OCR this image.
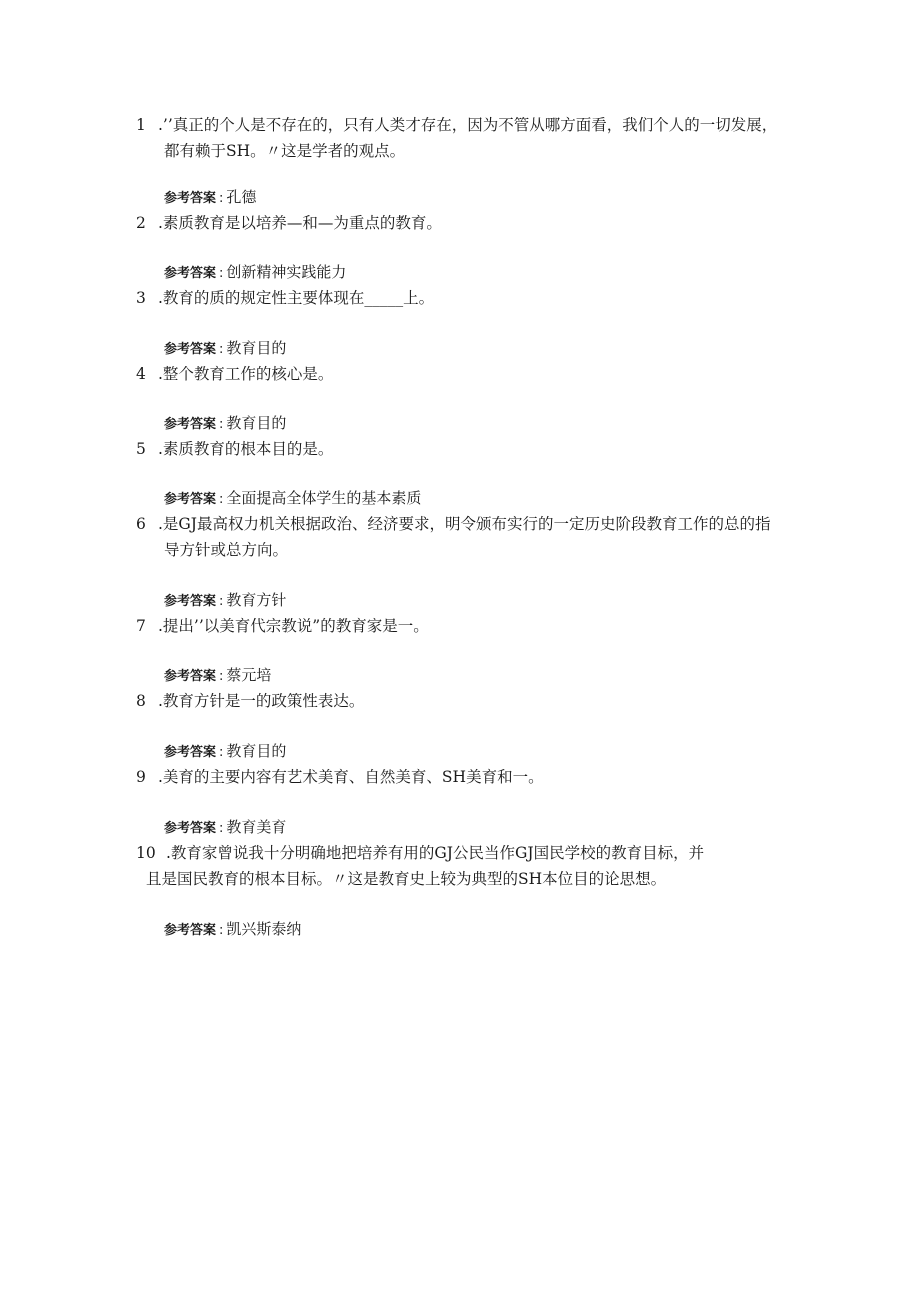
1 .’’真正的个人是不存在的，只有人类才存在，因为不管从哪方面看，我们个人的一切发展，
都有赖于SH。〃这是学者的观点。
参考答案 : 孔德
2 .素质教育是以培养—和—为重点的教育。
参考答案 : 创新精神实践能力
3 .教育的质的规定性主要体现在_____上。
参考答案 : 教育目的
4 .整个教育工作的核心是。
参考答案 : 教育目的
5 .素质教育的根本目的是。
参考答案 : 全面提高全体学生的基本素质
6 .是GJ最高权力机关根据政治、经济要求，明令颁布实行的一定历史阶段教育工作的总的指
导方针或总方向。
参考答案 : 教育方针
7 .提出’’以美育代宗教说”的教育家是一。
参考答案 : 蔡元培
8 .教育方针是一的政策性表达。
参考答案 : 教育目的
9 .美育的主要内容有艺术美育、自然美育、SH美育和一。
参考答案 : 教育美育
10 .教育家曾说我十分明确地把培养有用的GJ公民当作GJ国民学校的教育目标，并
且是国民教育的根本目标。〃这是教育史上较为典型的SH本位目的论思想。
参考答案 : 凯兴斯泰纳
